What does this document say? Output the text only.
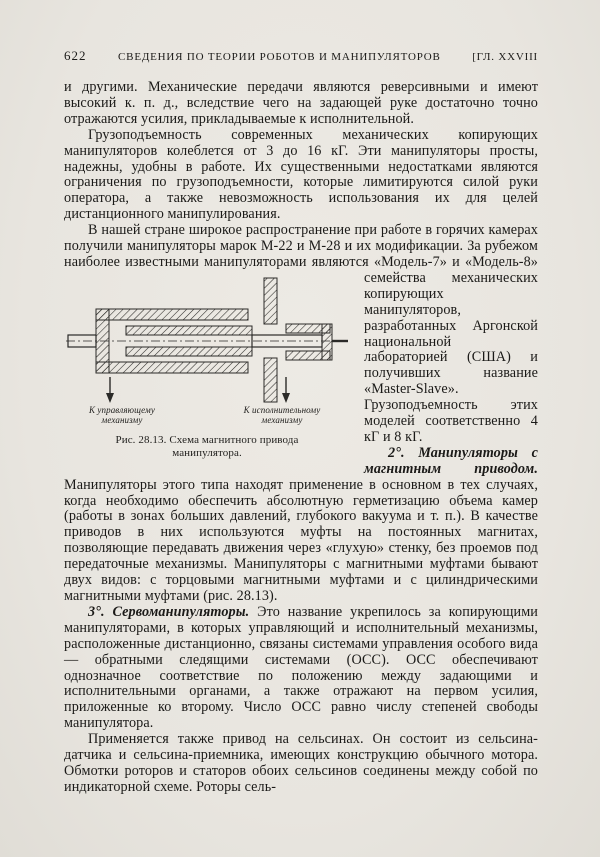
622	СВЕДЕНИЯ ПО ТЕОРИИ РОБОТОВ И МАНИПУЛЯТОРОВ	[ГЛ. XXVIII

и другими. Механические передачи являются реверсивными и имеют высокий к. п. д., вследствие чего на задающей руке достаточно точно отражаются усилия, прикладываемые к исполнительной.

Грузоподъемность современных механических копирующих манипуляторов колеблется от 3 до 16 кГ. Эти манипуляторы просты, надежны, удобны в работе. Их существенными недостатками являются ограничения по грузоподъемности, которые лимитируются силой руки оператора, а также невозможность использования их для целей дистанционного манипулирования.

В нашей стране широкое распространение при работе в горячих камерах получили манипуляторы марок М-22 и М-28 и их модификации. За рубежом наиболее известными манипуляторами
К управляющему
механизму
К исполнительному
механизму
Рис. 28.13. Схема магнитного привода манипулятора.
являются «Модель-7» и «Модель-8» семейства механических копирующих манипуляторов, разработанных Аргонской национальной лабораторией (США) и получивших название «Master-Slave». Грузоподъемность этих моделей соответственно 4 кГ и 8 кГ.

2°. Манипуляторы с магнитным приводом. Манипуляторы этого типа находят применение в основном в тех случаях, когда необходимо обеспечить абсолютную герметизацию объема камер (работы в зонах больших давлений, глубокого вакуума и т. п.). В качестве приводов в них используются муфты на постоянных магнитах, позволяющие передавать движения через «глухую» стенку, без проемов под передаточные механизмы. Манипуляторы с магнитными муфтами бывают двух видов: с торцовыми магнитными муфтами и с цилиндрическими магнитными муфтами (рис. 28.13).

3°. Сервоманипуляторы. Это название укрепилось за копирующими манипуляторами, в которых управляющий и исполнительный механизмы, расположенные дистанционно, связаны системами управления особого вида — обратными следящими системами (ОСС). ОСС обеспечивают однозначное соответствие по положению между задающими и исполнительными органами, а также отражают на первом усилия, приложенные ко второму. Число ОСС равно числу степеней свободы манипулятора.

Применяется также привод на сельсинах. Он состоит из сельсина-датчика и сельсина-приемника, имеющих конструкцию обычного мотора. Обмотки роторов и статоров обоих сельсинов соединены между собой по индикаторной схеме. Роторы сель-
